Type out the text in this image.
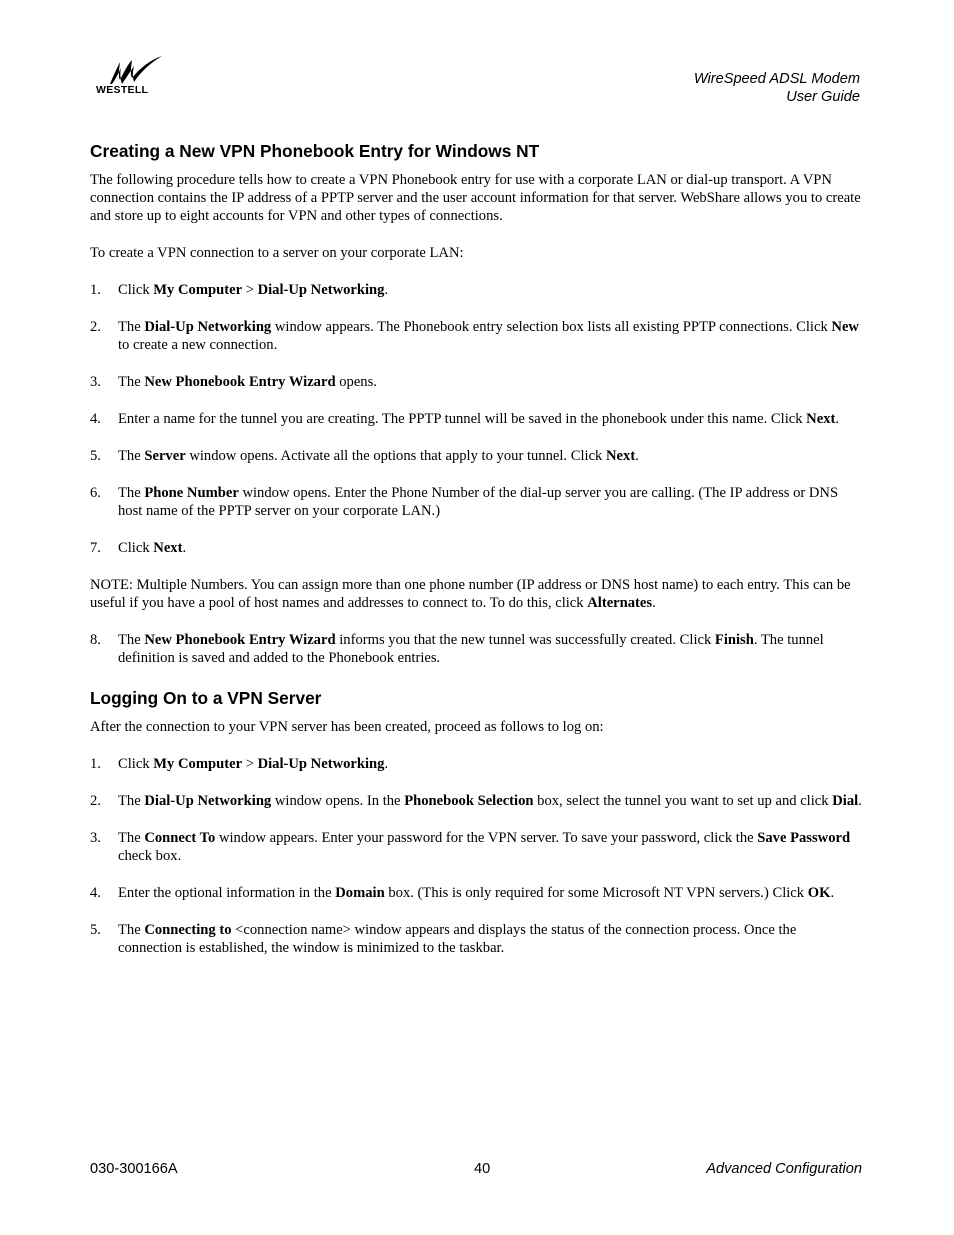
WESTELL
WireSpeed ADSL Modem
User Guide
Creating a New VPN Phonebook Entry for Windows NT

The following procedure tells how to create a VPN Phonebook entry for use with a corporate LAN or dial-up transport. A VPN connection contains the IP address of a PPTP server and the user account information for that server. WebShare allows you to create and store up to eight accounts for VPN and other types of connections.

To create a VPN connection to a server on your corporate LAN:

1. Click My Computer > Dial-Up Networking.
2. The Dial-Up Networking window appears. The Phonebook entry selection box lists all existing PPTP connections. Click New to create a new connection.
3. The New Phonebook Entry Wizard opens.
4. Enter a name for the tunnel you are creating. The PPTP tunnel will be saved in the phonebook under this name. Click Next.
5. The Server window opens. Activate all the options that apply to your tunnel. Click Next.
6. The Phone Number window opens. Enter the Phone Number of the dial-up server you are calling. (The IP address or DNS host name of the PPTP server on your corporate LAN.)
7. Click Next.

NOTE: Multiple Numbers. You can assign more than one phone number (IP address or DNS host name) to each entry. This can be useful if you have a pool of host names and addresses to connect to. To do this, click Alternates.

8. The New Phonebook Entry Wizard informs you that the new tunnel was successfully created. Click Finish. The tunnel definition is saved and added to the Phonebook entries.
Logging On to a VPN Server

After the connection to your VPN server has been created, proceed as follows to log on:

1. Click My Computer > Dial-Up Networking.
2. The Dial-Up Networking window opens. In the Phonebook Selection box, select the tunnel you want to set up and click Dial.
3. The Connect To window appears. Enter your password for the VPN server. To save your password, click the Save Password check box.
4. Enter the optional information in the Domain box. (This is only required for some Microsoft NT VPN servers.) Click OK.
5. The Connecting to <connection name> window appears and displays the status of the connection process. Once the connection is established, the window is minimized to the taskbar.
030-300166A	40	Advanced Configuration
